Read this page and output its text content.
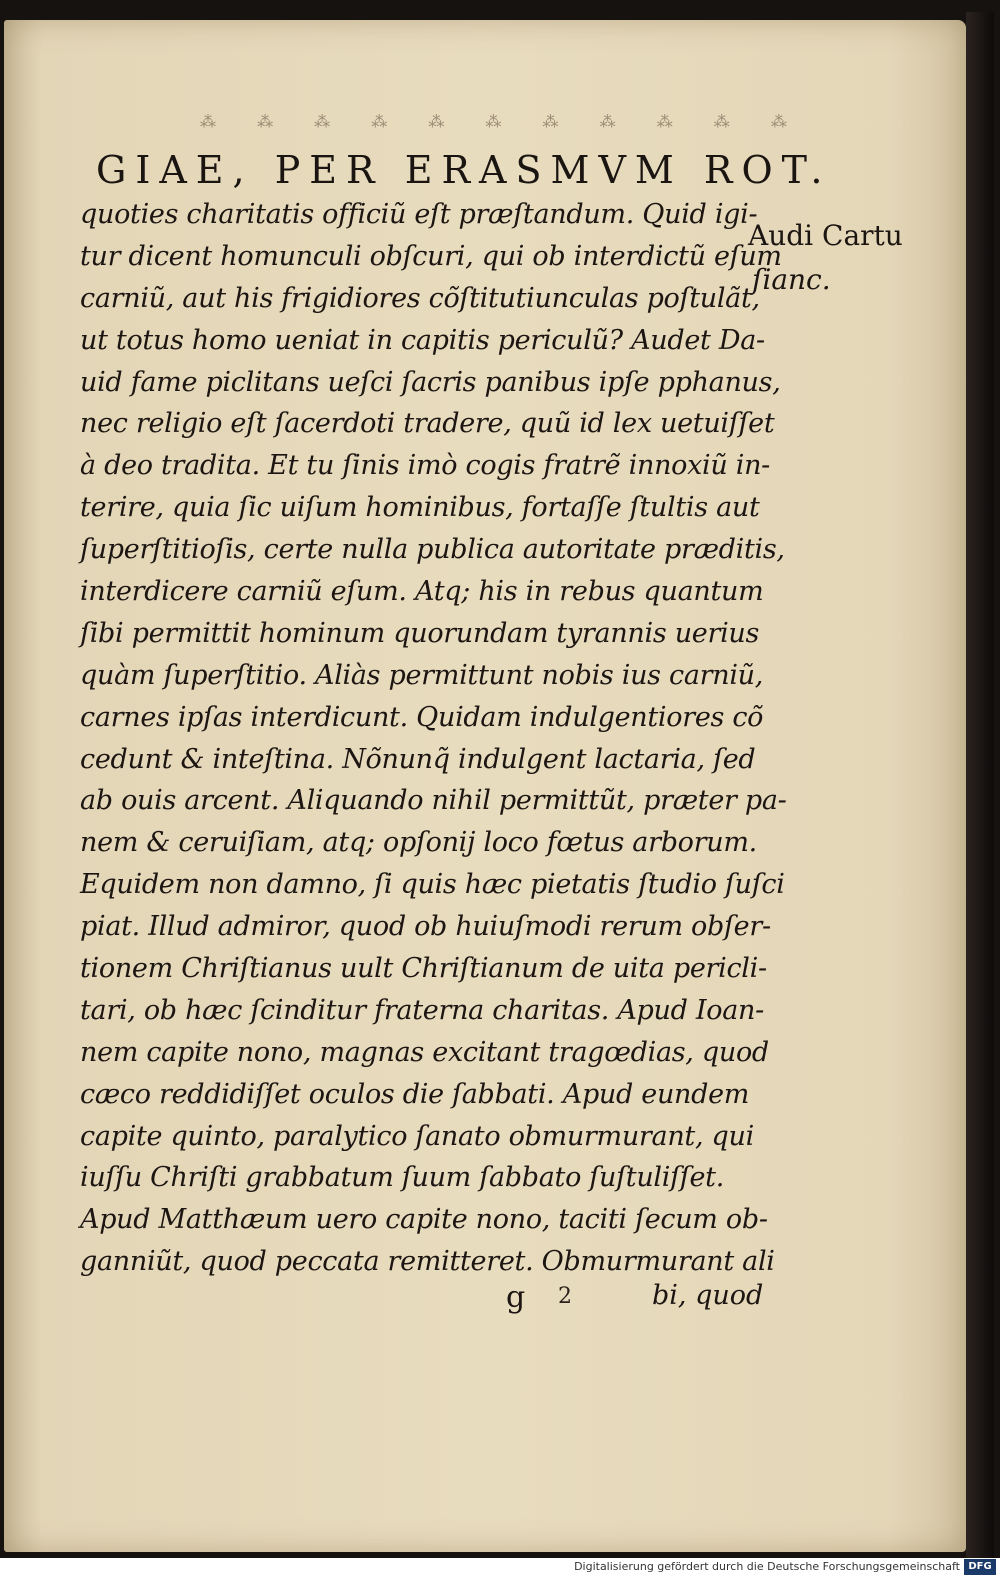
⁂ ⁂ ⁂ ⁂ ⁂ ⁂ ⁂ ⁂ ⁂ ⁂ ⁂
GIAE, PER ERASMVM ROT.
quoties charitatis officiũ eſt præſtandum. Quid igi-
tur dicent homunculi obſcuri, qui ob interdictũ eſum
carniũ, aut his frigidiores cõſtitutiunculas poſtulãt,
ut totus homo ueniat in capitis periculũ? Audet Da-
uid fame piclitans ueſci ſacris panibus ipſe pphanus,
nec religio eſt ſacerdoti tradere, quũ id lex uetuiſſet
à deo tradita. Et tu ſinis imò cogis fratrẽ innoxiũ in-
terire, quia ſic uiſum hominibus, fortaſſe ſtultis aut
ſuperſtitioſis, certe nulla publica autoritate præditis,
interdicere carniũ eſum. Atq; his in rebus quantum
ſibi permittit hominum quorundam tyrannis uerius
quàm ſuperſtitio. Aliàs permittunt nobis ius carniũ,
carnes ipſas interdicunt. Quidam indulgentiores cõ
cedunt & inteſtina. Nõnunq̃ indulgent lactaria, ſed
ab ouis arcent. Aliquando nihil permittũt, præter pa-
nem & ceruiſiam, atq; opſonij loco fœtus arborum.
Equidem non damno, ſi quis hæc pietatis ſtudio ſuſci
piat. Illud admiror, quod ob huiuſmodi rerum obſer-
tionem Chriſtianus uult Chriſtianum de uita pericli-
tari, ob hæc ſcinditur fraterna charitas. Apud Ioan-
nem capite nono, magnas excitant tragœdias, quod
cæco reddidiſſet oculos die ſabbati. Apud eundem
capite quinto, paralytico ſanato obmurmurant, qui
iuſſu Chriſti grabbatum ſuum ſabbato ſuſtuliſſet.
Apud Matthæum uero capite nono, taciti ſecum ob-
ganniũt, quod peccata remitteret. Obmurmurant ali
Audi Cartu
ſianc.
g 2	bi, quod
Digitalisierung gefördert durch die Deutsche Forschungsgemeinschaft DFG
